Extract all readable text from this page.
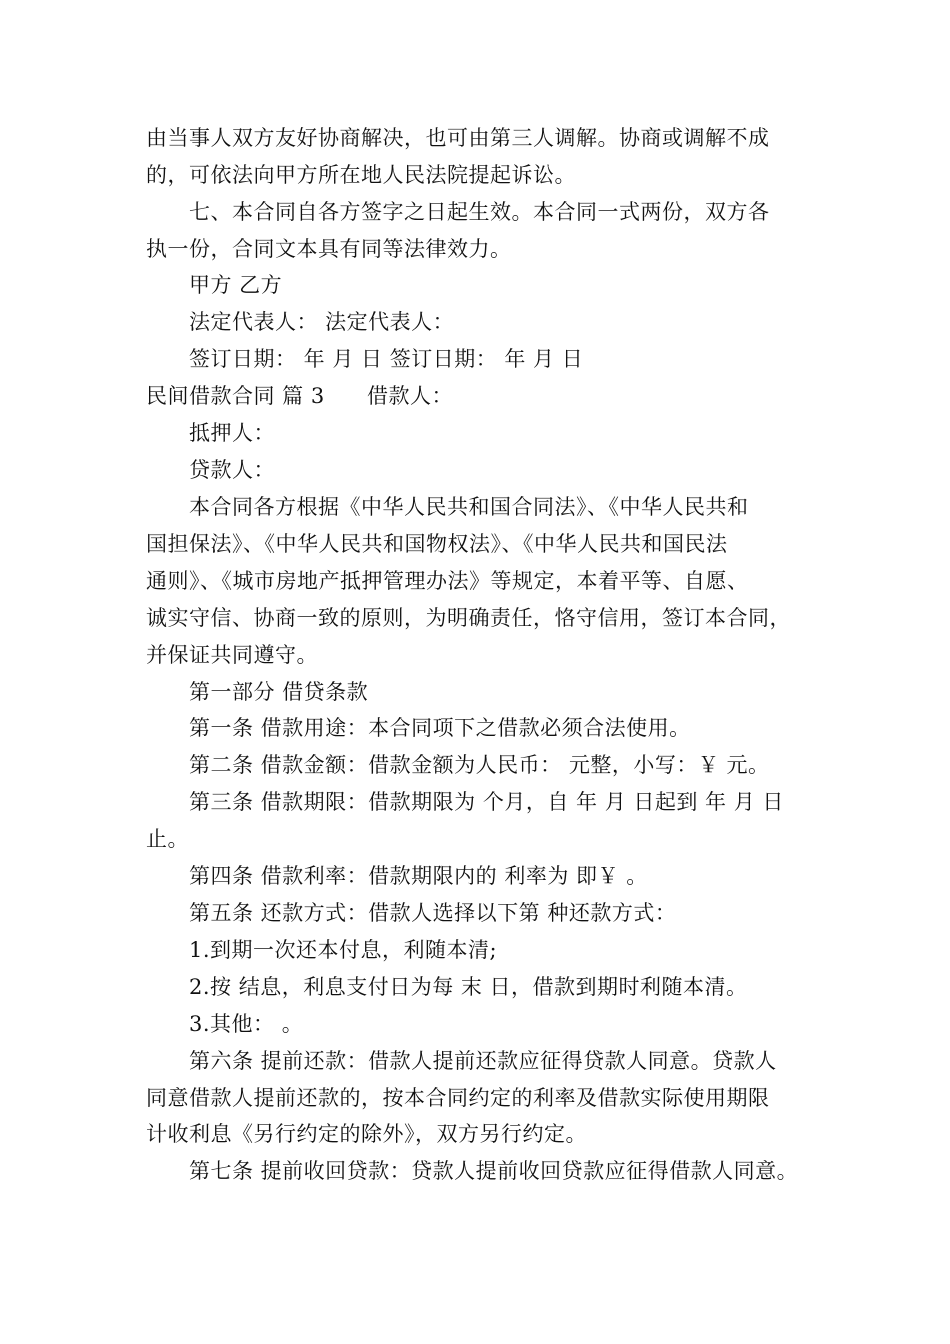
由当事人双方友好协商解决，也可由第三人调解。协商或调解不成
的，可依法向甲方所在地人民法院提起诉讼。
七、本合同自各方签字之日起生效。本合同一式两份，双方各
执一份，合同文本具有同等法律效力。
甲方 乙方
法定代表人： 法定代表人：
签订日期： 年 月 日 签订日期： 年 月 日
民间借款合同 篇 3 借款人：
抵押人：
贷款人：
本合同各方根据《中华人民共和国合同法》、《中华人民共和
国担保法》、《中华人民共和国物权法》、《中华人民共和国民法
通则》、《城市房地产抵押管理办法》等规定，本着平等、自愿、
诚实守信、协商一致的原则，为明确责任，恪守信用，签订本合同，
并保证共同遵守。
第一部分 借贷条款
第一条 借款用途：本合同项下之借款必须合法使用。
第二条 借款金额：借款金额为人民币： 元整，小写：￥ 元。
第三条 借款期限：借款期限为 个月，自 年 月 日起到 年 月 日
止。
第四条 借款利率：借款期限内的 利率为 即￥ 。
第五条 还款方式：借款人选择以下第 种还款方式：
1.到期一次还本付息，利随本清;
2.按 结息，利息支付日为每 末 日，借款到期时利随本清。
3.其他： 。
第六条 提前还款：借款人提前还款应征得贷款人同意。贷款人
同意借款人提前还款的，按本合同约定的利率及借款实际使用期限
计收利息《另行约定的除外》，双方另行约定。
第七条 提前收回贷款：贷款人提前收回贷款应征得借款人同意。
